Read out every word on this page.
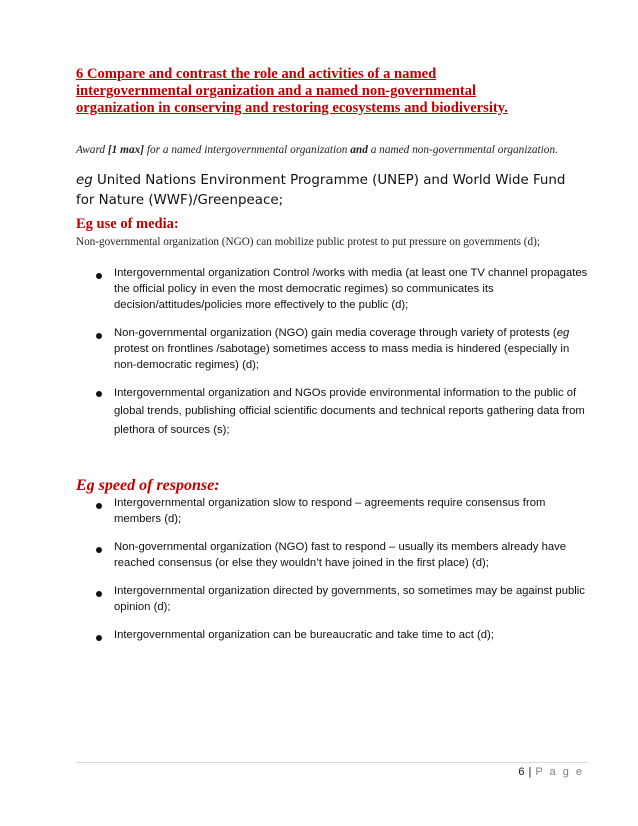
6 Compare and contrast the role and activities of a named
intergovernmental organization and a named non-governmental
organization in conserving and restoring ecosystems and biodiversity.
Award [1 max] for a named intergovernmental organization and a named non-governmental organization.
eg United Nations Environment Programme (UNEP) and World Wide Fund for Nature (WWF)/Greenpeace;
Eg use of media:
Non-governmental organization (NGO) can mobilize public protest to put pressure on governments (d);
Intergovernmental organization Control /works with media (at least one TV channel propagates the official policy in even the most democratic regimes) so communicates its decision/attitudes/policies more effectively to the public (d);
Non-governmental organization (NGO) gain media coverage through variety of protests (eg protest on frontlines /sabotage) sometimes access to mass media is hindered (especially in non-democratic regimes) (d);
Intergovernmental organization and NGOs provide environmental information to the public of global trends, publishing official scientific documents and technical reports gathering data from plethora of sources (s);
Eg speed of response:
Intergovernmental organization slow to respond – agreements require consensus from members (d);
Non-governmental organization (NGO) fast to respond – usually its members already have reached consensus (or else they wouldn’t have joined in the first place) (d);
Intergovernmental organization directed by governments, so sometimes may be against public opinion (d);
Intergovernmental organization can be bureaucratic and take time to act (d);
6 | P a g e
